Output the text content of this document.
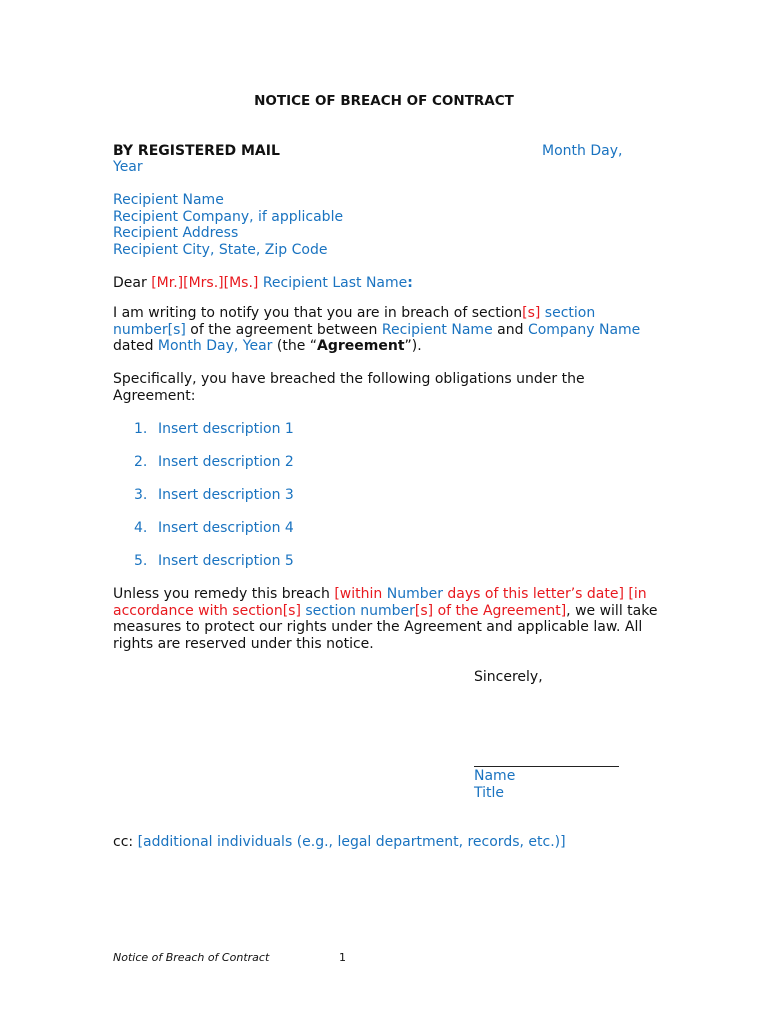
NOTICE OF BREACH OF CONTRACT
BY REGISTERED MAIL	Month Day,
Year
Recipient Name
Recipient Company, if applicable
Recipient Address
Recipient City, State, Zip Code
Dear [Mr.][Mrs.][Ms.] Recipient Last Name:
I am writing to notify you that you are in breach of section[s] section
number[s] of the agreement between Recipient Name and Company Name
dated Month Day, Year (the “Agreement”).
Specifically, you have breached the following obligations under the
Agreement:
1. Insert description 1
2. Insert description 2
3. Insert description 3
4. Insert description 4
5. Insert description 5
Unless you remedy this breach [within Number days of this letter’s date] [in
accordance with section[s] section number[s] of the Agreement], we will take
measures to protect our rights under the Agreement and applicable law. All
rights are reserved under this notice.
Sincerely,
Name
Title
cc: [additional individuals (e.g., legal department, records, etc.)]
Notice of Breach of Contract	1
